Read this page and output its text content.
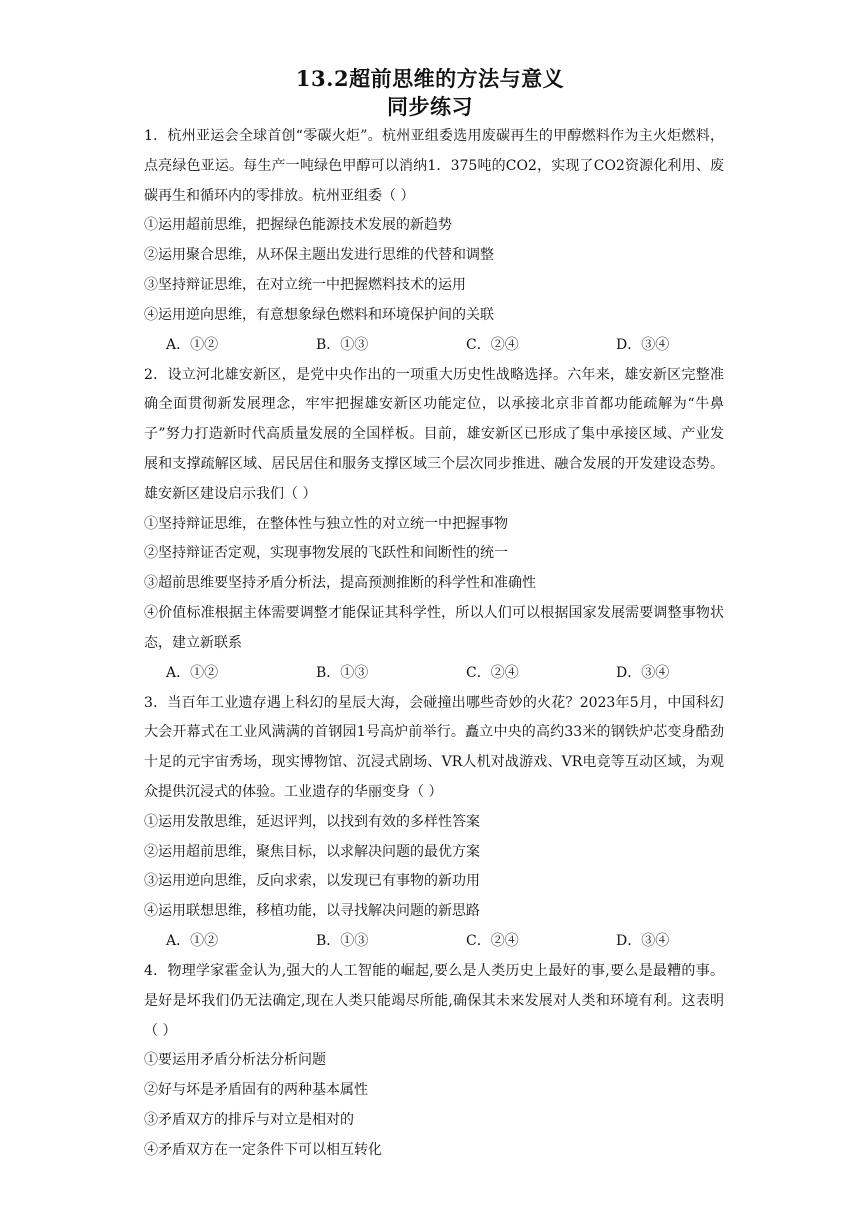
13.2超前思维的方法与意义
同步练习

1．杭州亚运会全球首创“零碳火炬”。杭州亚组委选用废碳再生的甲醇燃料作为主火炬燃料，点亮绿色亚运。每生产一吨绿色甲醇可以消纳1．375吨的CO2，实现了CO2资源化利用、废碳再生和循环内的零排放。杭州亚组委（ ）

①运用超前思维，把握绿色能源技术发展的新趋势

②运用聚合思维，从环保主题出发进行思维的代替和调整

③坚持辩证思维，在对立统一中把握燃料技术的运用

④运用逆向思维，有意想象绿色燃料和环境保护间的关联

A．①②	B．①③	C．②④	D．③④

2．设立河北雄安新区，是党中央作出的一项重大历史性战略选择。六年来，雄安新区完整准确全面贯彻新发展理念，牢牢把握雄安新区功能定位，以承接北京非首都功能疏解为“牛鼻子”努力打造新时代高质量发展的全国样板。目前，雄安新区已形成了集中承接区域、产业发展和支撑疏解区域、居民居住和服务支撑区域三个层次同步推进、融合发展的开发建设态势。雄安新区建设启示我们（ ）

①坚持辩证思维，在整体性与独立性的对立统一中把握事物

②坚持辩证否定观，实现事物发展的飞跃性和间断性的统一

③超前思维要坚持矛盾分析法，提高预测推断的科学性和准确性

④价值标准根据主体需要调整才能保证其科学性，所以人们可以根据国家发展需要调整事物状态，建立新联系

A．①②	B．①③	C．②④	D．③④

3．当百年工业遗存遇上科幻的星辰大海，会碰撞出哪些奇妙的火花？2023年5月，中国科幻大会开幕式在工业风满满的首钢园1号高炉前举行。矗立中央的高约33米的钢铁炉芯变身酷劲十足的元宇宙秀场，现实博物馆、沉浸式剧场、VR人机对战游戏、VR电竞等互动区域，为观众提供沉浸式的体验。工业遗存的华丽变身（ ）

①运用发散思维，延迟评判，以找到有效的多样性答案

②运用超前思维，聚焦目标，以求解决问题的最优方案

③运用逆向思维，反向求索，以发现已有事物的新功用

④运用联想思维，移植功能，以寻找解决问题的新思路

A．①②	B．①③	C．②④	D．③④

4．物理学家霍金认为,强大的人工智能的崛起,要么是人类历史上最好的事,要么是最糟的事。是好是坏我们仍无法确定,现在人类只能竭尽所能,确保其未来发展对人类和环境有利。这表明（ ）

①要运用矛盾分析法分析问题

②好与坏是矛盾固有的两种基本属性

③矛盾双方的排斥与对立是相对的

④矛盾双方在一定条件下可以相互转化
